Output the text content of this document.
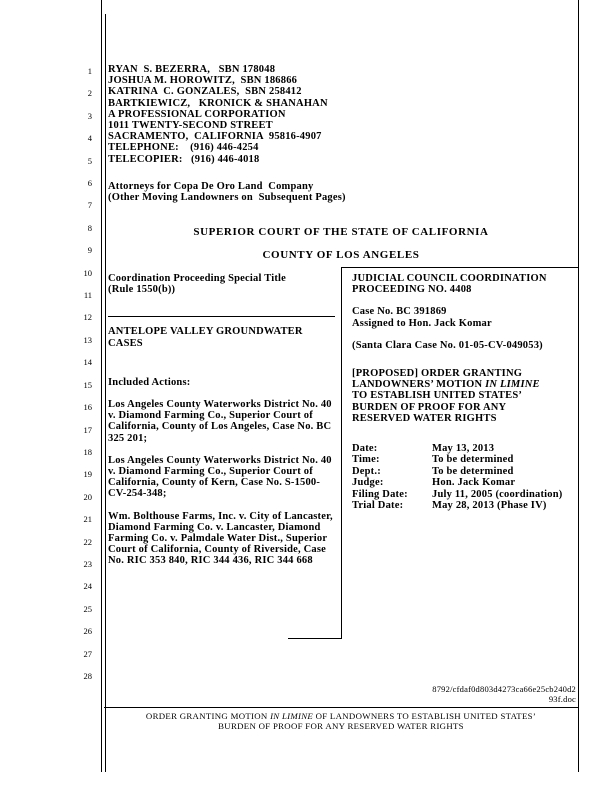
1
2
3
4
5
6
7
8
9
10
11
12
13
14
15
16
17
18
19
20
21
22
23
24
25
26
27
28
RYAN  S. BEZERRA,   SBN 178048
JOSHUA M. HOROWITZ,  SBN 186866
KATRINA  C. GONZALES,  SBN 258412
BARTKIEWICZ,   KRONICK & SHANAHAN
A PROFESSIONAL CORPORATION
1011 TWENTY-SECOND STREET
SACRAMENTO,  CALIFORNIA  95816-4907
TELEPHONE:    (916) 446-4254
TELECOPIER:   (916) 446-4018
Attorneys for Copa De Oro Land  Company
(Other Moving Landowners on  Subsequent Pages)
SUPERIOR COURT OF THE STATE OF CALIFORNIA
COUNTY OF LOS ANGELES
Coordination Proceeding Special Title
(Rule 1550(b))
ANTELOPE VALLEY GROUNDWATER CASES
Included Actions:

Los Angeles County Waterworks District No. 40 v. Diamond Farming Co., Superior Court of California, County of Los Angeles, Case No. BC 325 201;

Los Angeles County Waterworks District No. 40 v. Diamond Farming Co., Superior Court of California, County of Kern, Case No. S-1500-CV-254-348;

Wm. Bolthouse Farms, Inc. v. City of Lancaster, Diamond Farming Co. v. Lancaster, Diamond Farming Co. v. Palmdale Water Dist., Superior Court of California, County of Riverside, Case No. RIC 353 840, RIC 344 436, RIC 344 668

JUDICIAL COUNCIL COORDINATION PROCEEDING NO. 4408
Case No. BC 391869
Assigned to Hon. Jack Komar
(Santa Clara Case No. 01-05-CV-049053)
[PROPOSED] ORDER GRANTING LANDOWNERS’ MOTION IN LIMINE TO ESTABLISH UNITED STATES’ BURDEN OF PROOF FOR ANY RESERVED WATER RIGHTS
Date:	May 13, 2013
Time:	To be determined
Dept.:	To be determined
Judge:	Hon. Jack Komar
Filing Date:	July 11, 2005 (coordination)
Trial Date:	May 28, 2013 (Phase IV)
8792/cfdaf0d803d4273ca66e25cb240d2
93f.doc
ORDER GRANTING MOTION IN LIMINE OF LANDOWNERS TO ESTABLISH UNITED STATES’
BURDEN OF PROOF FOR ANY RESERVED WATER RIGHTS
